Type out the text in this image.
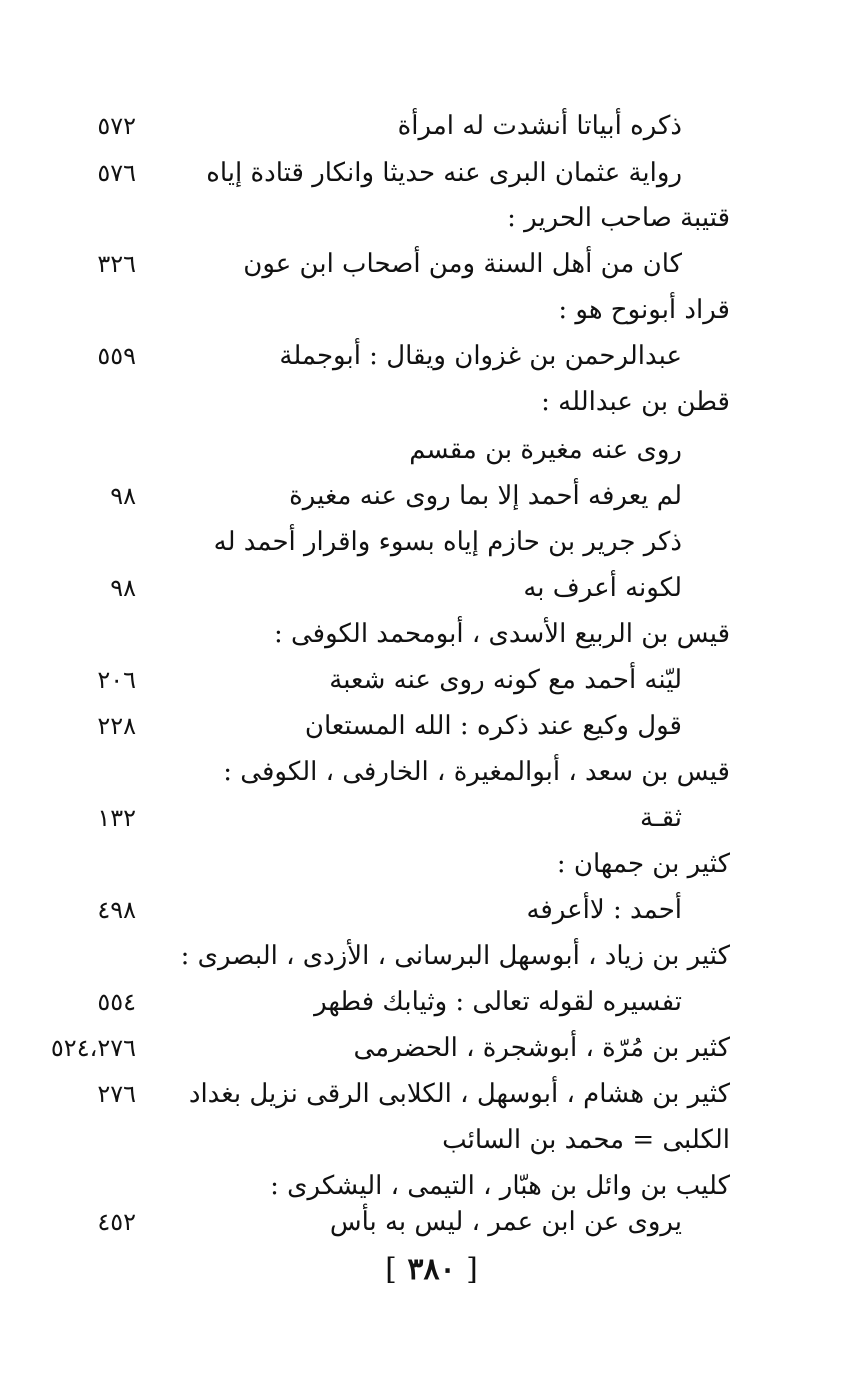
ذكره أبياتا أنشدت له امرأة
٥٧٢
رواية عثمان البرى عنه حديثا وانكار قتادة إياه
٥٧٦
قتيبة صاحب الحرير :
كان من أهل السنة ومن أصحاب ابن عون
٣٢٦
قراد أبونوح هو :
عبدالرحمن بن غزوان ويقال : أبوجملة
٥٥٩
قطن بن عبدالله :
روى عنه مغيرة بن مقسم
لم يعرفه أحمد إلا بما روى عنه مغيرة
٩٨
ذكر جرير بن حازم إياه بسوء واقرار أحمد له
لكونه أعرف به
٩٨
قيس بن الربيع الأسدى ، أبومحمد الكوفى :
ليّنه أحمد مع كونه روى عنه شعبة
٢٠٦
قول وكيع عند ذكره : الله المستعان
٢٢٨
قيس بن سعد ، أبوالمغيرة ، الخارفى ، الكوفى :
ثقـة
١٣٢
كثير بن جمهان :
أحمد : لاأعرفه
٤٩٨
كثير بن زياد ، أبوسهل البرسانى ، الأزدى ، البصرى :
تفسيره لقوله تعالى : وثيابك فطهر
٥٥٤
كثير بن مُرّة ، أبوشجرة ، الحضرمى
٥٢٤،٢٧٦
كثير بن هشام ، أبوسهل ، الكلابى الرقى نزيل بغداد
٢٧٦
الكلبى = محمد بن السائب
كليب بن وائل بن هبّار ، التيمى ، اليشكرى :
يروى عن ابن عمر ، ليس به بأس
٤٥٢
[ ٣٨٠ ]
